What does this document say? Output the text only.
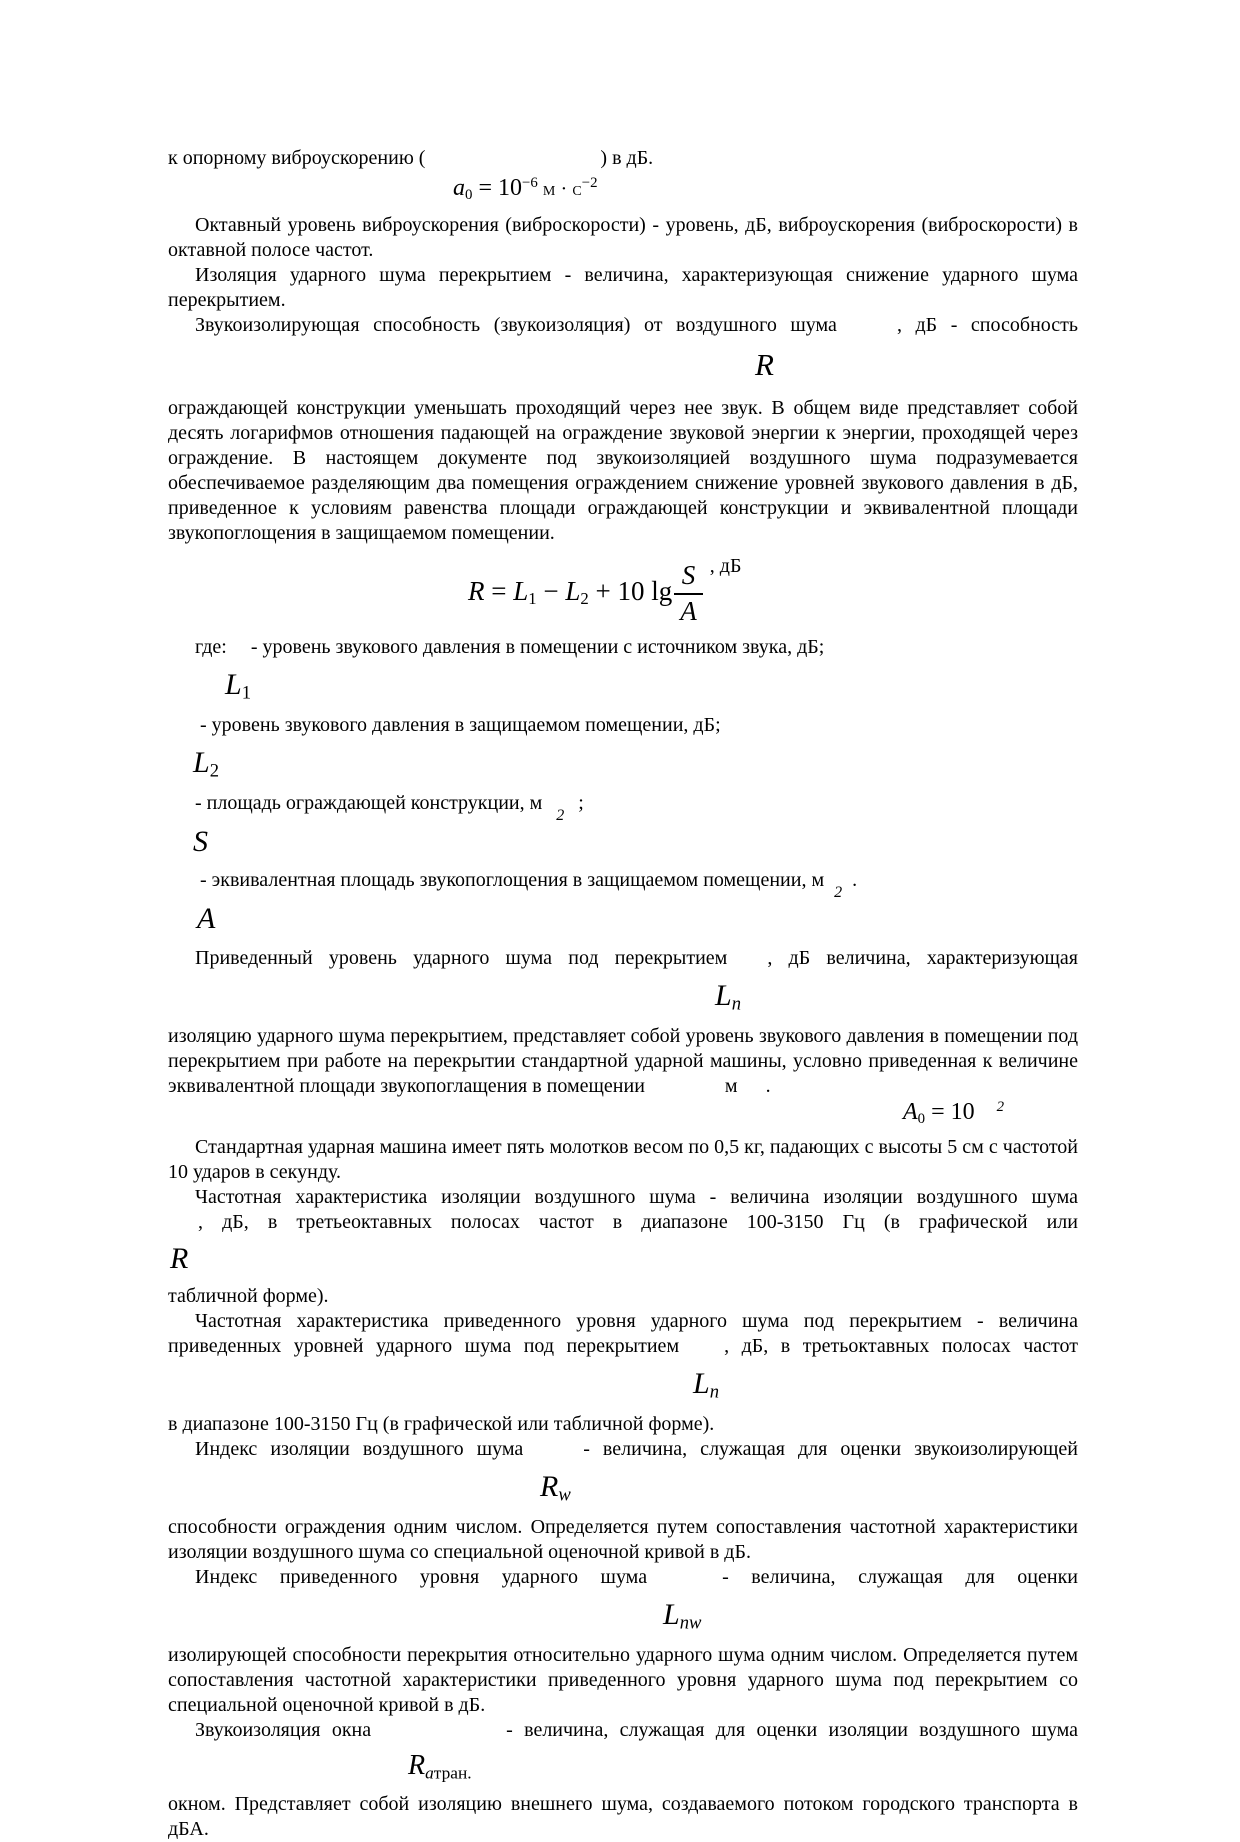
к опорному виброускорению (	) в дБ.
$a0 = 10^{-6}$ $м \cdot с^{-2}$
Октавный уровень виброускорения (виброскорости) - уровень, дБ, виброускорения (виброскорости) в октавной полосе частот.
Изоляция ударного шума перекрытием - величина, характеризующая снижение ударного шума перекрытием.
Звукоизолирующая способность (звукоизоляция) от воздушного шума	, дБ - способность
R
ограждающей конструкции уменьшать проходящий через нее звук. В общем виде представляет собой десять логарифмов отношения падающей на ограждение звуковой энергии к энергии, проходящей через ограждение. В настоящем документе под звукоизоляцией воздушного шума подразумевается обеспечиваемое разделяющим два помещения ограждением снижение уровней звукового давления в дБ, приведенное к условиям равенства площади ограждающей конструкции и эквивалентной площади звукопоглощения в защищаемом помещении.
R = L1 − L2 + 10 $\lg \frac{S}{A} ^{, дБ}$
где: - уровень звукового давления в помещении с источником звука, дБ;
L1
- уровень звукового давления в защищаемом помещении, дБ;
L2
- площадь ограждающей конструкции, $м_2$;
S
- эквивалентная площадь звукопоглощения в защищаемом помещении, $м_2$.
A
Приведенный уровень ударного шума под перекрытием , дБ величина, характеризующая
Ln
изоляцию ударного шума перекрытием, представляет собой уровень звукового давления в помещении под перекрытием при работе на перекрытии стандартной ударной машины, условно приведенная к величине эквивалентной площади звукопоглащения в помещении	м .
A0 = 10 $^2$
Стандартная ударная машина имеет пять молотков весом по 0,5 кг, падающих с высоты 5 см с частотой 10 ударов в секунду.
Частотная характеристика изоляции воздушного шума - величина изоляции воздушного шума
, дБ, в третьеоктавных полосах частот в диапазоне 100-3150 Гц (в графической или
R
табличной форме).
Частотная характеристика приведенного уровня ударного шума под перекрытием - величина
приведенных уровней ударного шума под перекрытием , дБ, в третьоктавных полосах частот
Ln
в диапазоне 100-3150 Гц (в графической или табличной форме).
Индекс изоляции воздушного шума	- величина, служащая для оценки звукоизолирующей
Rw
способности ограждения одним числом. Определяется путем сопоставления частотной характеристики изоляции воздушного шума со специальной оценочной кривой в дБ.
Индекс приведенного уровня ударного шума	- величина, служащая для оценки
Lnw
изолирующей способности перекрытия относительно ударного шума одним числом. Определяется путем сопоставления частотной характеристики приведенного уровня ударного шума под перекрытием со специальной оценочной кривой в дБ.
Звукоизоляция окна	- величина, служащая для оценки изоляции воздушного шума
Rатран.
окном. Представляет собой изоляцию внешнего шума, создаваемого потоком городского транспорта в дБА.
